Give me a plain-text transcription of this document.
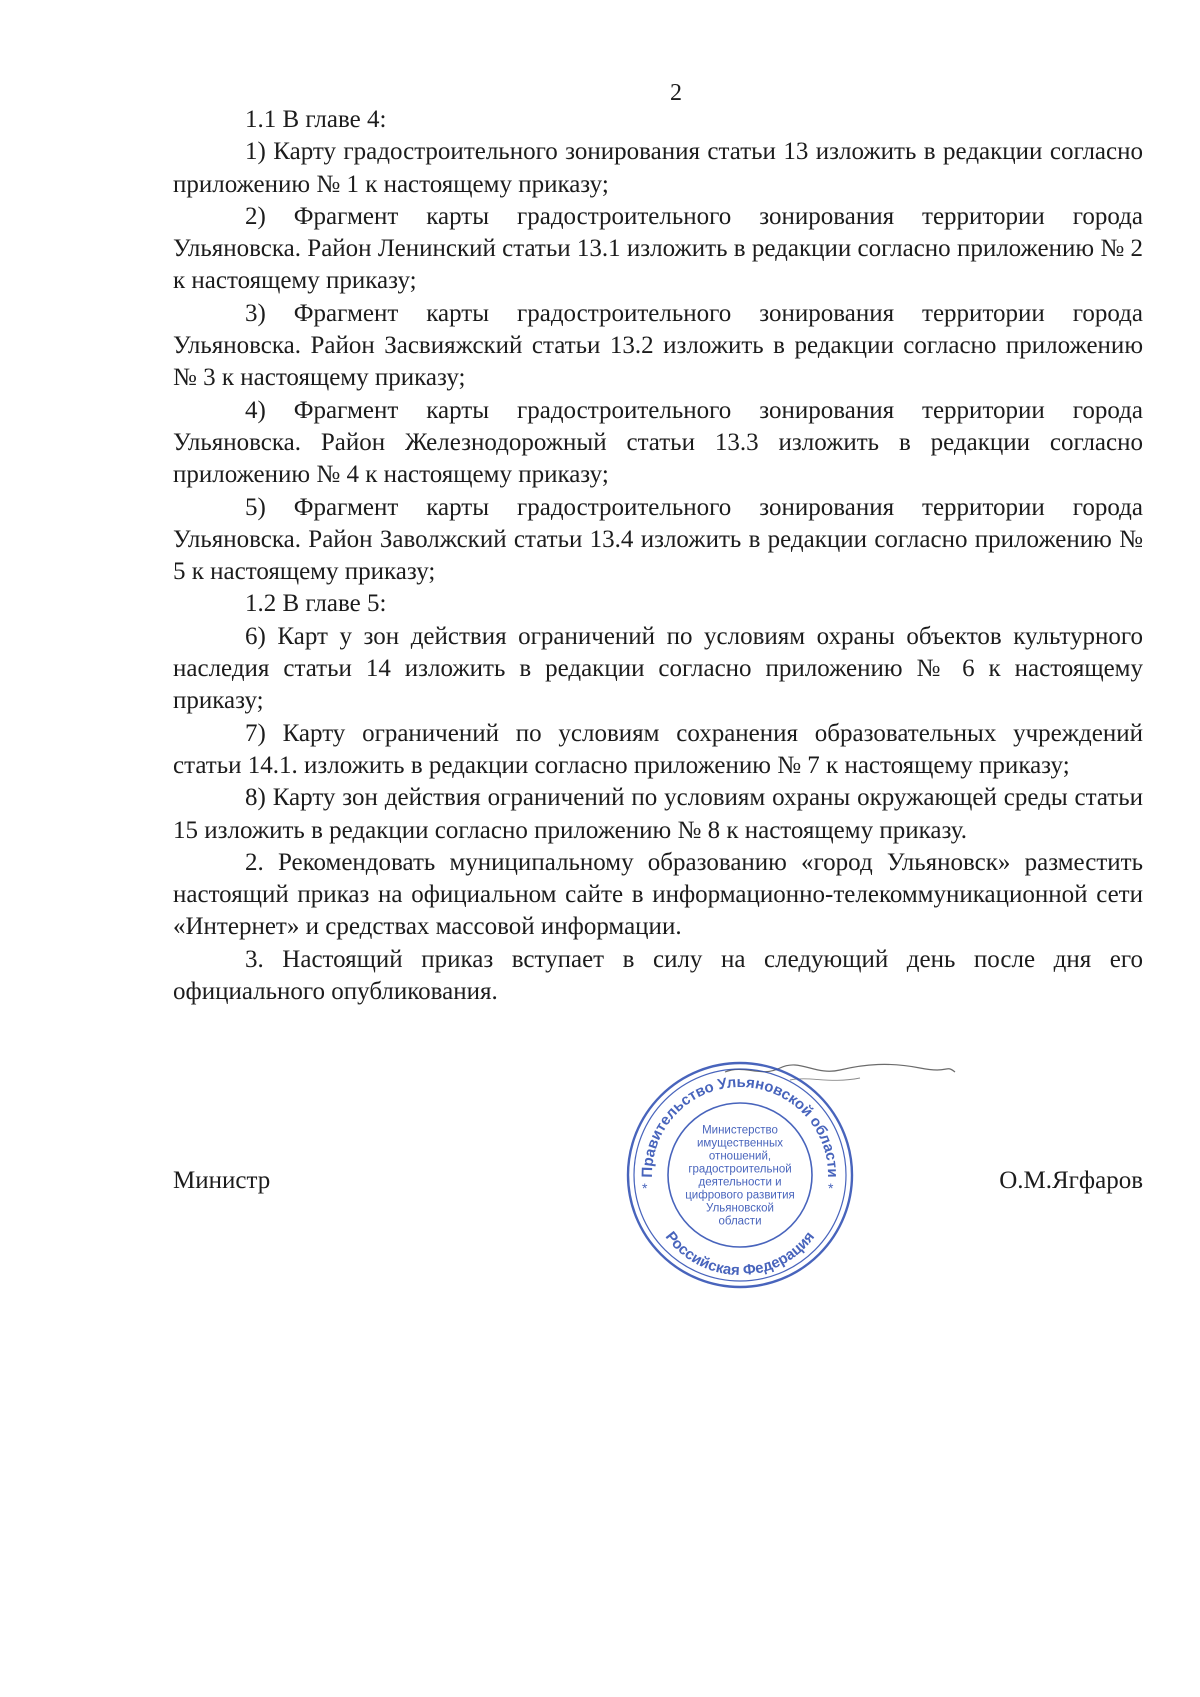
2

1.1 В главе 4:

1) Карту градостроительного зонирования статьи 13 изложить в редакции согласно приложению № 1 к настоящему приказу;

2) Фрагмент карты градостроительного зонирования территории города Ульяновска. Район Ленинский статьи 13.1 изложить в редакции согласно приложению № 2 к настоящему приказу;

3) Фрагмент карты градостроительного зонирования территории города Ульяновска. Район Засвияжский статьи 13.2 изложить в редакции согласно приложению № 3 к настоящему приказу;

4) Фрагмент карты градостроительного зонирования территории города Ульяновска. Район Железнодорожный статьи 13.3 изложить в редакции согласно приложению № 4 к настоящему приказу;

5) Фрагмент карты градостроительного зонирования территории города Ульяновска. Район Заволжский статьи 13.4 изложить в редакции согласно приложению № 5 к настоящему приказу;

1.2 В главе 5:

6) Карт у зон действия ограничений по условиям охраны объектов культурного наследия статьи 14 изложить в редакции согласно приложению № 6 к настоящему приказу;

7) Карту ограничений по условиям сохранения образовательных учреждений статьи 14.1. изложить в редакции согласно приложению № 7 к настоящему приказу;

8) Карту зон действия ограничений по условиям охраны окружающей среды статьи 15 изложить в редакции согласно приложению № 8 к настоящему приказу.

2. Рекомендовать муниципальному образованию «город Ульяновск» разместить настоящий приказ на официальном сайте в информационно-телекоммуникационной сети «Интернет» и средствах массовой информации.

3. Настоящий приказ вступает в силу на следующий день после дня его официального опубликования.

Правительство Ульяновской области
Российская Федерация
*	*
Министерство
имущественных
отношений,
градостроительной
деятельности и
цифрового развития
Ульяновской
области
Министр	О.М.Ягфаров
